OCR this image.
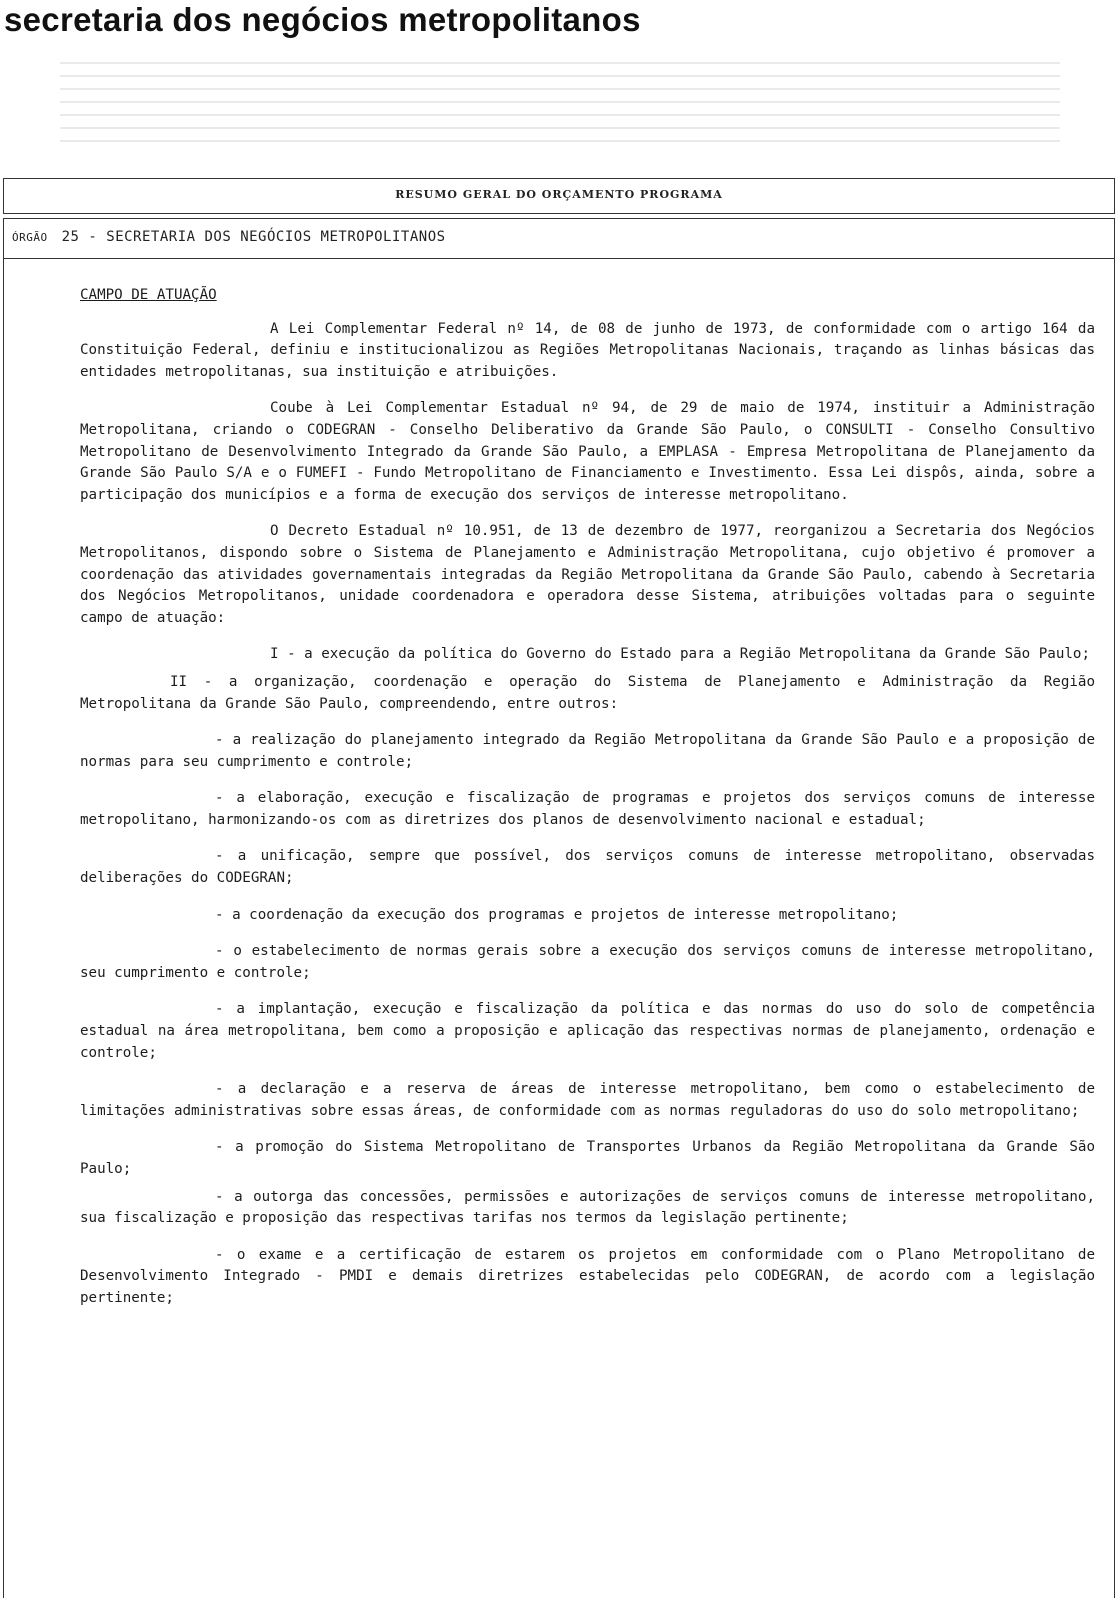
secretaria dos negócios metropolitanos
RESUMO GERAL DO ORÇAMENTO PROGRAMA
ÓRGÃO 25 - SECRETARIA DOS NEGÓCIOS METROPOLITANOS
CAMPO DE ATUAÇÃO

A Lei Complementar Federal nº 14, de 08 de junho de 1973, de conformidade com o artigo 164 da Constituição Federal, definiu e institucionalizou as Regiões Metropolitanas Nacionais, traçando as linhas básicas das entidades metropolitanas, sua instituição e atribuições.

Coube à Lei Complementar Estadual nº 94, de 29 de maio de 1974, instituir a Administração Metropolitana, criando o CODEGRAN - Conselho Deliberativo da Grande São Paulo, o CONSULTI - Conselho Consultivo Metropolitano de Desenvolvimento Integrado da Grande São Paulo, a EMPLASA - Empresa Metropolitana de Planejamento da Grande São Paulo S/A e o FUMEFI - Fundo Metropolitano de Financiamento e Investimento. Essa Lei dispôs, ainda, sobre a participação dos municípios e a forma de execução dos serviços de interesse metropolitano.

O Decreto Estadual nº 10.951, de 13 de dezembro de 1977, reorganizou a Secretaria dos Negócios Metropolitanos, dispondo sobre o Sistema de Planejamento e Administração Metropolitana, cujo objetivo é promover a coordenação das atividades governamentais integradas da Região Metropolitana da Grande São Paulo, cabendo à Secretaria dos Negócios Metropolitanos, unidade coordenadora e operadora desse Sistema, atribuições voltadas para o seguinte campo de atuação:

I - a execução da política do Governo do Estado para a Região Metropolitana da Grande São Paulo;

II - a organização, coordenação e operação do Sistema de Planejamento e Administração da Região Metropolitana da Grande São Paulo, compreendendo, entre outros:

- a realização do planejamento integrado da Região Metropolitana da Grande São Paulo e a proposição de normas para seu cumprimento e controle;

- a elaboração, execução e fiscalização de programas e projetos dos serviços comuns de interesse metropolitano, harmonizando-os com as diretrizes dos planos de desenvolvimento nacional e estadual;

- a unificação, sempre que possível, dos serviços comuns de interesse metropolitano, observadas deliberações do CODEGRAN;

- a coordenação da execução dos programas e projetos de interesse metropolitano;

- o estabelecimento de normas gerais sobre a execução dos serviços comuns de interesse metropolitano, seu cumprimento e controle;

- a implantação, execução e fiscalização da política e das normas do uso do solo de competência estadual na área metropolitana, bem como a proposição e aplicação das respectivas normas de planejamento, ordenação e controle;

- a declaração e a reserva de áreas de interesse metropolitano, bem como o estabelecimento de limitações administrativas sobre essas áreas, de conformidade com as normas reguladoras do uso do solo metropolitano;

- a promoção do Sistema Metropolitano de Transportes Urbanos da Região Metropolitana da Grande São Paulo;

- a outorga das concessões, permissões e autorizações de serviços comuns de interesse metropolitano, sua fiscalização e proposição das respectivas tarifas nos termos da legislação pertinente;

- o exame e a certificação de estarem os projetos em conformidade com o Plano Metropolitano de Desenvolvimento Integrado - PMDI e demais diretrizes estabelecidas pelo CODEGRAN, de acordo com a legislação pertinente;
